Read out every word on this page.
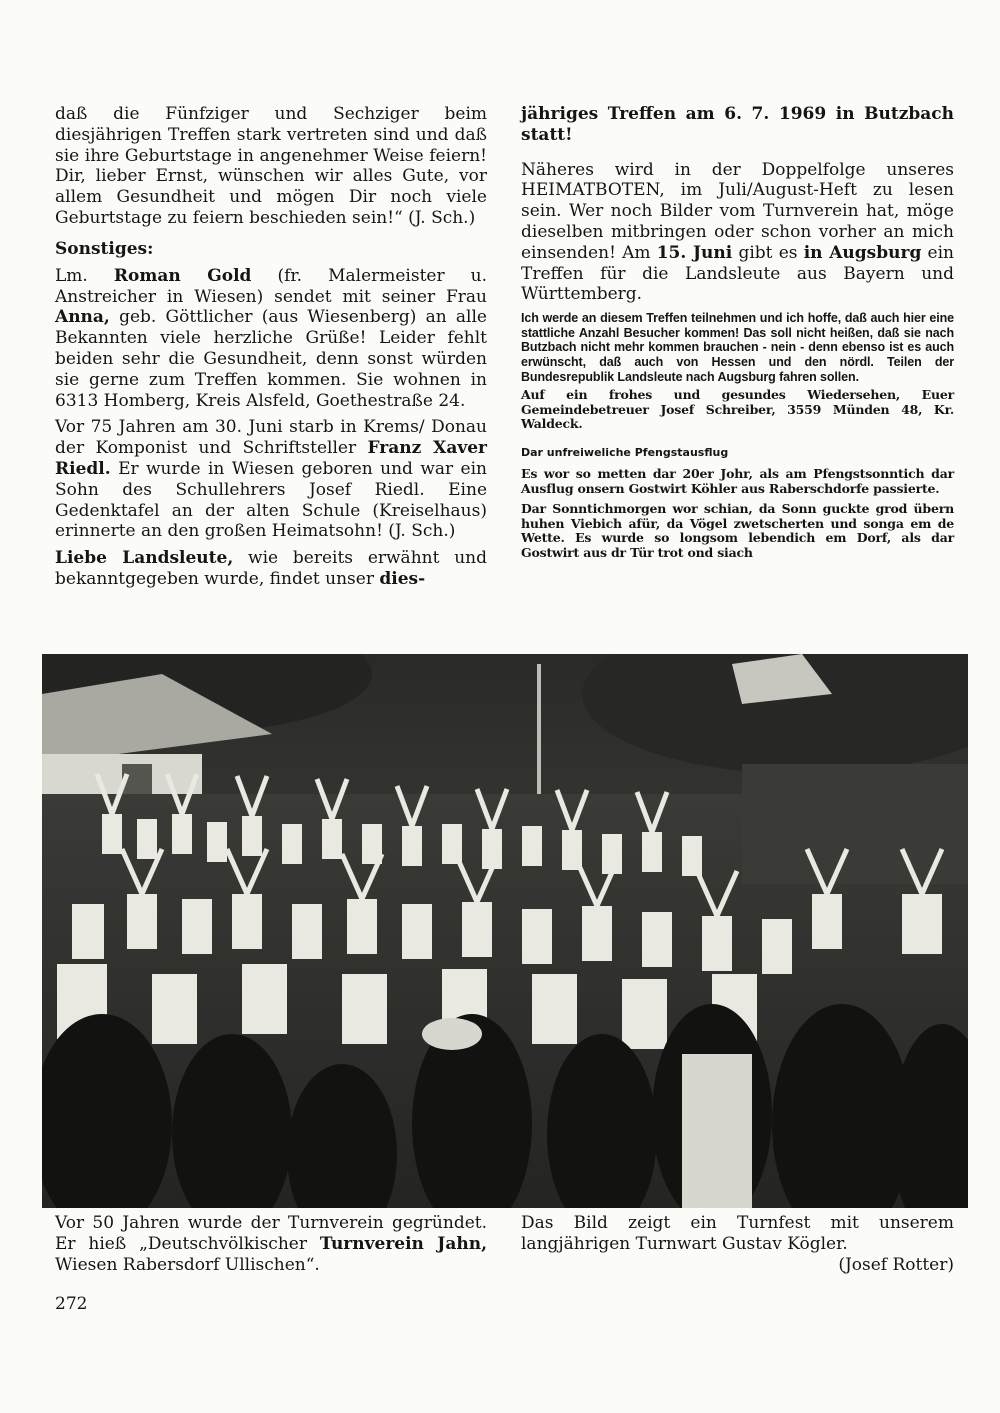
daß die Fünfziger und Sechziger beim diesjährigen Treffen stark vertreten sind und daß sie ihre Geburtstage in angenehmer Weise feiern! Dir, lieber Ernst, wünschen wir alles Gute, vor allem Gesundheit und mögen Dir noch viele Geburtstage zu feiern beschieden sein!“ (J. Sch.)

Sonstiges:

Lm. Roman Gold (fr. Malermeister u. Anstreicher in Wiesen) sendet mit seiner Frau Anna, geb. Göttlicher (aus Wiesenberg) an alle Bekannten viele herzliche Grüße! Leider fehlt beiden sehr die Gesundheit, denn sonst würden sie gerne zum Treffen kommen. Sie wohnen in 6313 Homberg, Kreis Alsfeld, Goethestraße 24.

Vor 75 Jahren am 30. Juni starb in Krems/ Donau der Komponist und Schriftsteller Franz Xaver Riedl. Er wurde in Wiesen geboren und war ein Sohn des Schullehrers Josef Riedl. Eine Gedenktafel an der alten Schule (Kreiselhaus) erinnerte an den großen Heimatsohn! (J. Sch.)

Liebe Landsleute, wie bereits erwähnt und bekanntgegeben wurde, findet unser dies-

jähriges Treffen am 6. 7. 1969 in Butzbach statt!

Näheres wird in der Doppelfolge unseres HEIMATBOTEN, im Juli/August-Heft zu lesen sein. Wer noch Bilder vom Turnverein hat, möge dieselben mitbringen oder schon vorher an mich einsenden! Am 15. Juni gibt es in Augsburg ein Treffen für die Landsleute aus Bayern und Württemberg.

Ich werde an diesem Treffen teilnehmen und ich hoffe, daß auch hier eine stattliche Anzahl Besucher kommen! Das soll nicht heißen, daß sie nach Butzbach nicht mehr kommen brauchen - nein - denn ebenso ist es auch erwünscht, daß auch von Hessen und den nördl. Teilen der Bundesrepublik Landsleute nach Augsburg fahren sollen.

Auf ein frohes und gesundes Wiedersehen, Euer Gemeindebetreuer Josef Schreiber, 3559 Münden 48, Kr. Waldeck.

Dar unfreiweliche Pfengstausflug

Es wor so metten dar 20er Johr, als am Pfengstsonntich dar Ausflug onsern Gostwirt Köhler aus Raberschdorfe passierte.

Dar Sonntichmorgen wor schian, da Sonn guckte grod übern huhen Viebich afür, da Vögel zwetscherten und songa em de Wette. Es wurde so longsom lebendich em Dorf, als dar Gostwirt aus dr Tür trot ond siach

Vor 50 Jahren wurde der Turnverein gegründet. Er hieß „Deutschvölkischer Turnverein Jahn, Wiesen Rabersdorf Ullischen“.

Das Bild zeigt ein Turnfest mit unserem langjährigen Turnwart Gustav Kögler.

(Josef Rotter)

272
